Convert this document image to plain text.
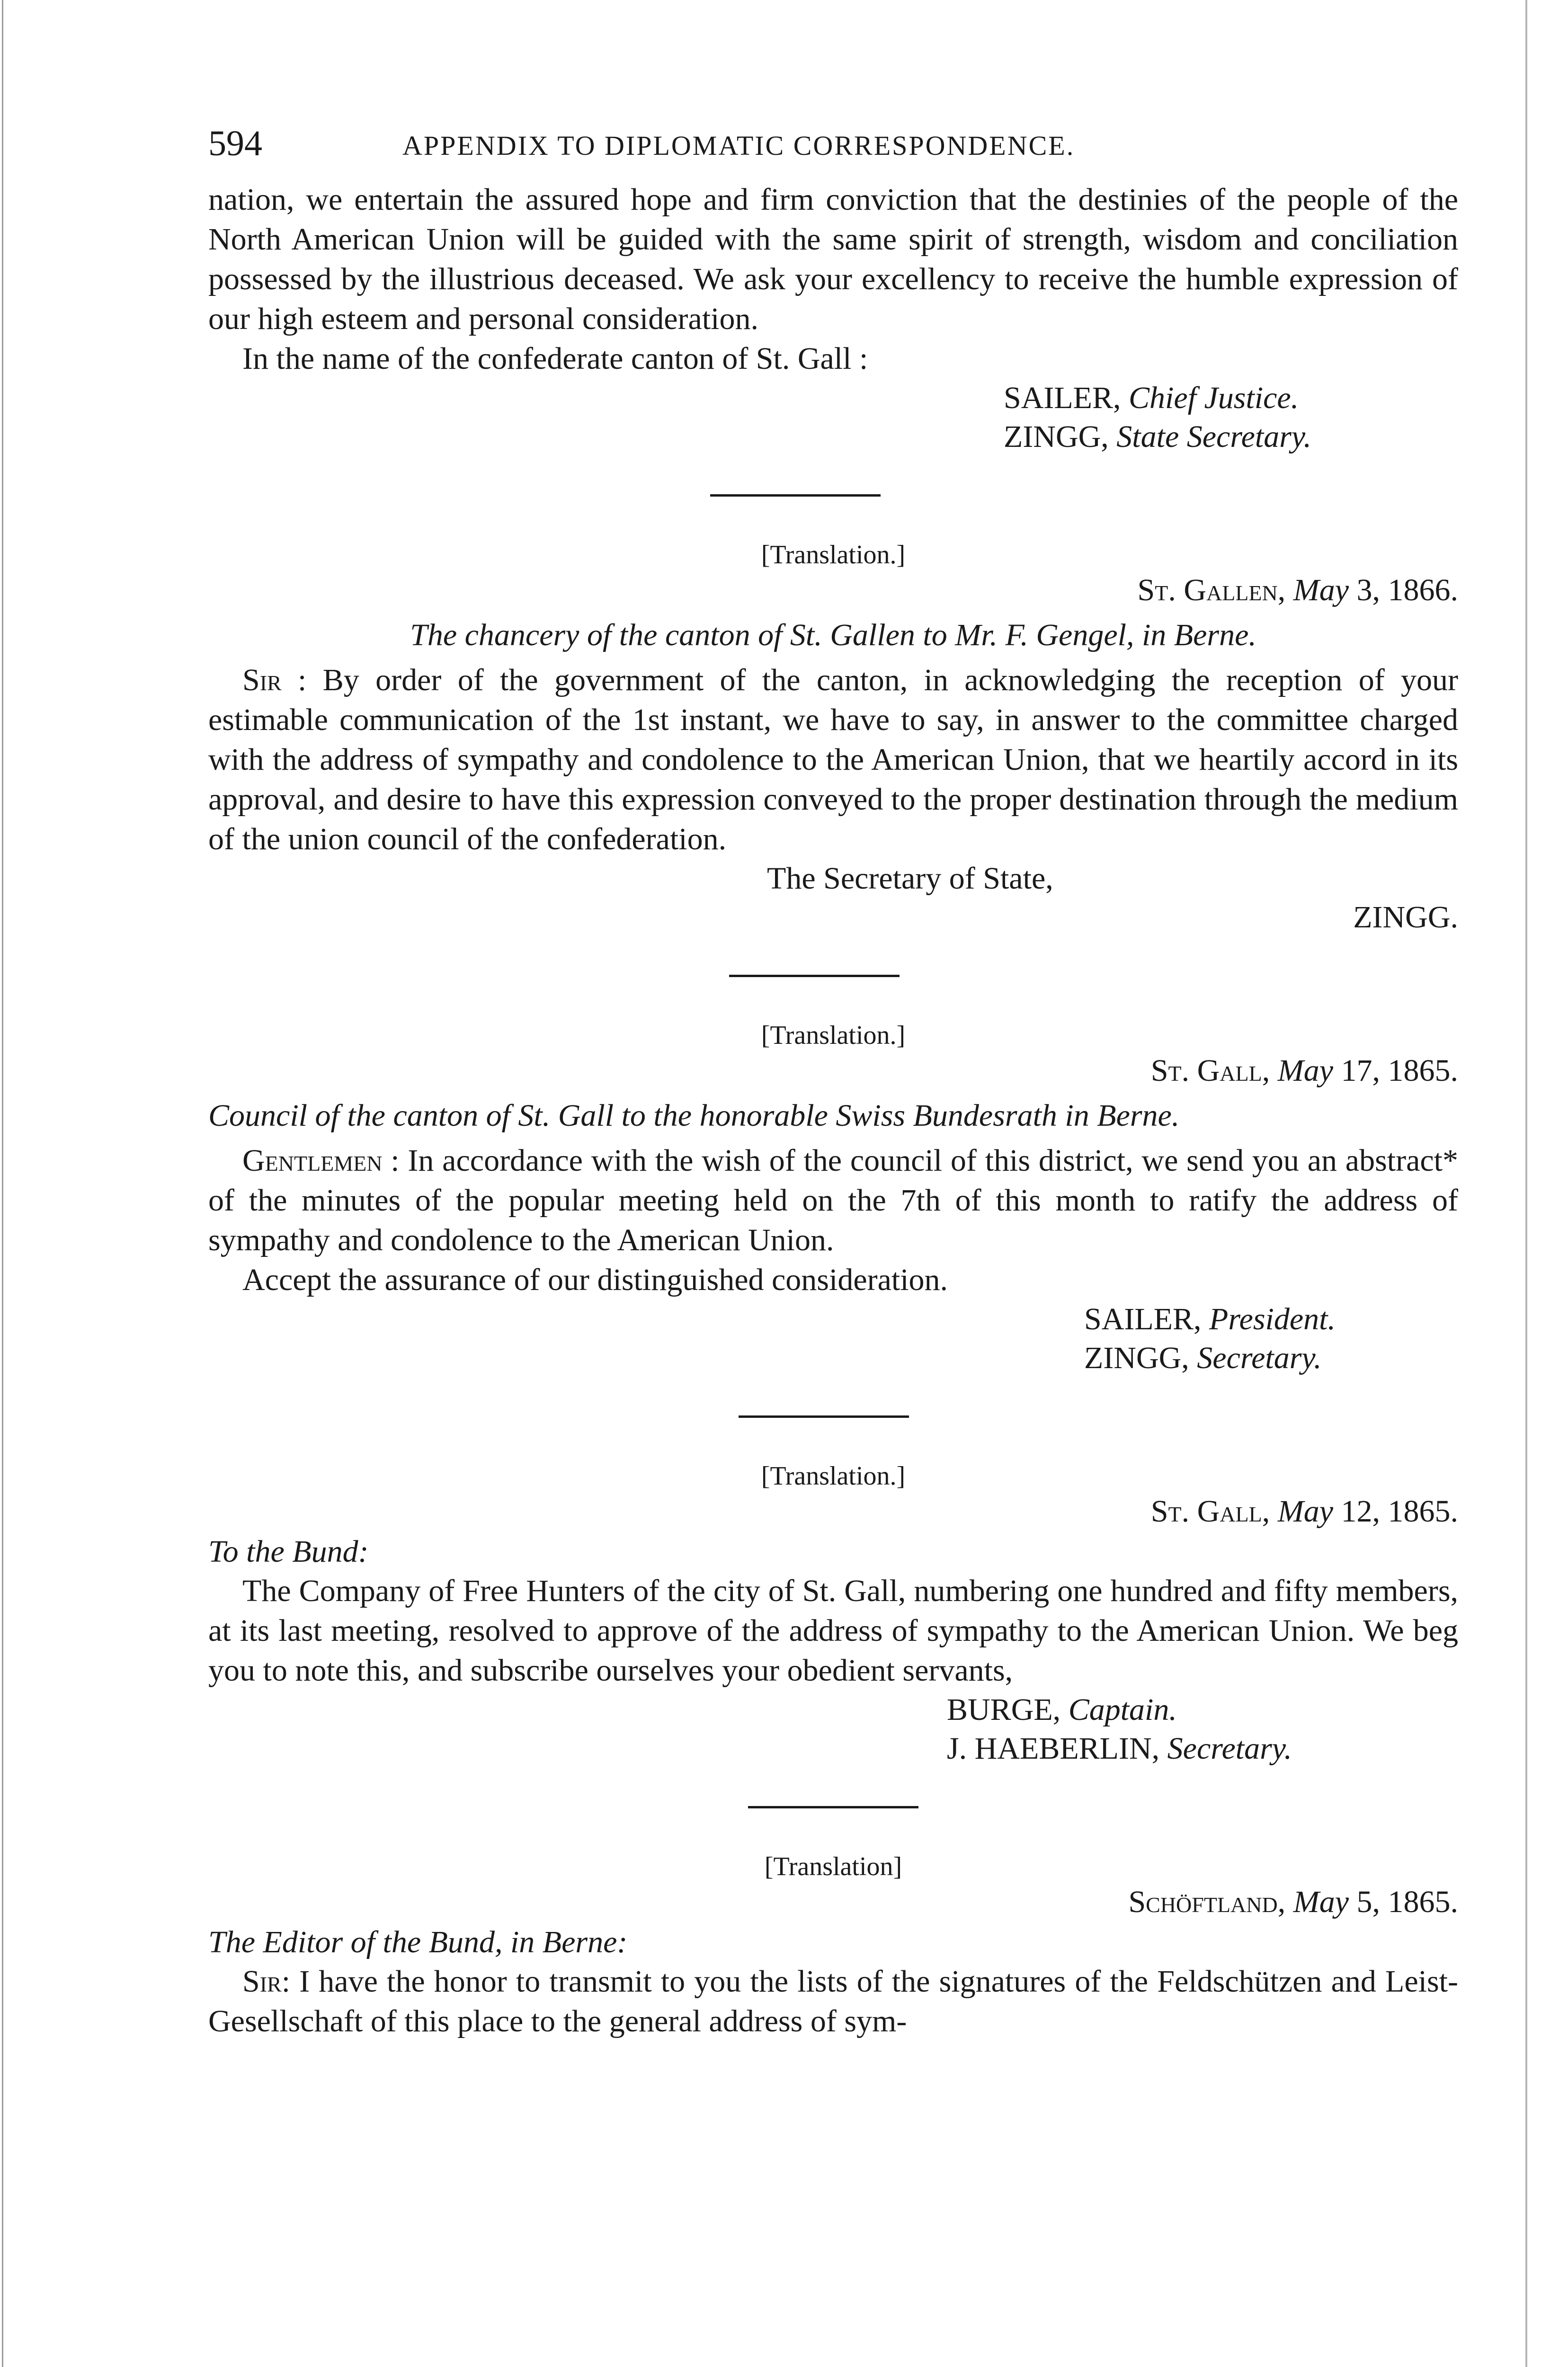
594	APPENDIX TO DIPLOMATIC CORRESPONDENCE.

nation, we entertain the assured hope and firm conviction that the destinies of the people of the North American Union will be guided with the same spirit of strength, wisdom and conciliation possessed by the illustrious deceased. We ask your excellency to receive the humble expression of our high esteem and personal consideration.

In the name of the confederate canton of St. Gall :

SAILER, Chief Justice.
ZINGG, State Secretary.
[Translation.]
St. Gallen, May 3, 1866.
The chancery of the canton of St. Gallen to Mr. F. Gengel, in Berne.

Sir : By order of the government of the canton, in acknowledging the reception of your estimable communication of the 1st instant, we have to say, in answer to the committee charged with the address of sympathy and condolence to the American Union, that we heartily accord in its approval, and desire to have this expression conveyed to the proper destination through the medium of the union council of the confederation.

The Secretary of State,
ZINGG.
[Translation.]
St. Gall, May 17, 1865.
Council of the canton of St. Gall to the honorable Swiss Bundesrath in Berne.

Gentlemen : In accordance with the wish of the council of this district, we send you an abstract* of the minutes of the popular meeting held on the 7th of this month to ratify the address of sympathy and condolence to the American Union.

Accept the assurance of our distinguished consideration.

SAILER, President.
ZINGG, Secretary.
[Translation.]
St. Gall, May 12, 1865.
To the Bund:

The Company of Free Hunters of the city of St. Gall, numbering one hundred and fifty members, at its last meeting, resolved to approve of the address of sympathy to the American Union. We beg you to note this, and subscribe ourselves your obedient servants,

BURGE, Captain.
J. HAEBERLIN, Secretary.
[Translation]
Schöftland, May 5, 1865.
The Editor of the Bund, in Berne:

Sir: I have the honor to transmit to you the lists of the signatures of the Feldschützen and Leist-Gesellschaft of this place to the general address of sym-
